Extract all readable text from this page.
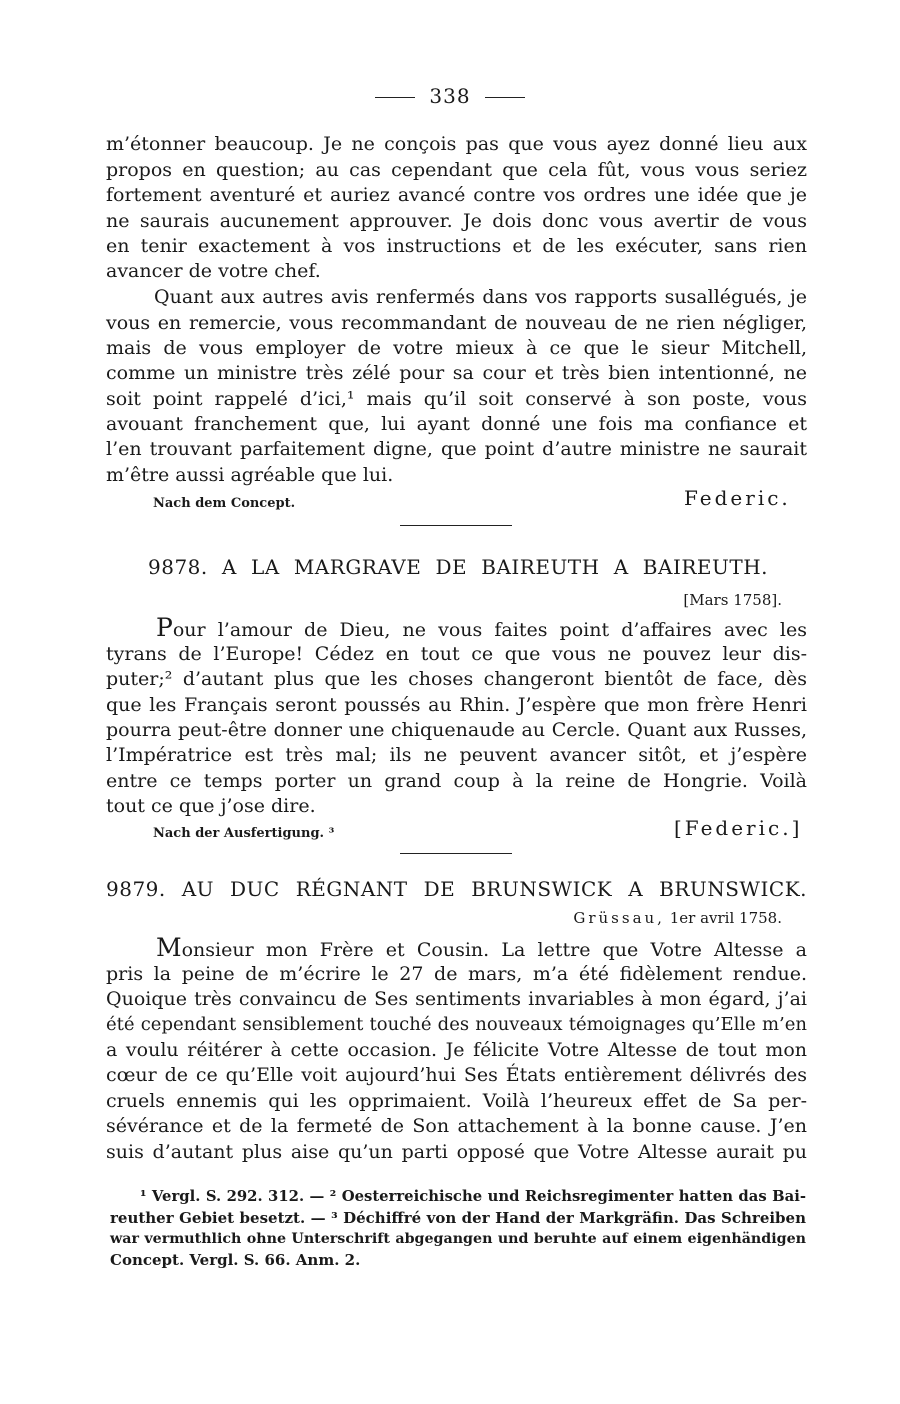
338
m’étonner beaucoup. Je ne conçois pas que vous ayez donné lieu aux
propos en question; au cas cependant que cela fût, vous vous seriez
fortement aventuré et auriez avancé contre vos ordres une idée que je
ne saurais aucunement approuver. Je dois donc vous avertir de vous
en tenir exactement à vos instructions et de les exécuter, sans rien
avancer de votre chef.
Quant aux autres avis renfermés dans vos rapports susallégués, je
vous en remercie, vous recommandant de nouveau de ne rien négliger,
mais de vous employer de votre mieux à ce que le sieur Mitchell,
comme un ministre très zélé pour sa cour et très bien intentionné, ne
soit point rappelé d’ici,¹ mais qu’il soit conservé à son poste, vous
avouant franchement que, lui ayant donné une fois ma confiance et
l’en trouvant parfaitement digne, que point d’autre ministre ne saurait
m’être aussi agréable que lui.
Nach dem Concept.	Federic.
9878. A LA MARGRAVE DE BAIREUTH A BAIREUTH.
[Mars 1758].
Pour l’amour de Dieu, ne vous faites point d’affaires avec les
tyrans de l’Europe! Cédez en tout ce que vous ne pouvez leur dis-
puter;² d’autant plus que les choses changeront bientôt de face, dès
que les Français seront poussés au Rhin. J’espère que mon frère Henri
pourra peut-être donner une chiquenaude au Cercle. Quant aux Russes,
l’Impératrice est très mal; ils ne peuvent avancer sitôt, et j’espère
entre ce temps porter un grand coup à la reine de Hongrie. Voilà
tout ce que j’ose dire.
Nach der Ausfertigung. ³	[Federic.]
9879. AU DUC RÉGNANT DE BRUNSWICK A BRUNSWICK.
Grüssau, 1er avril 1758.
Monsieur mon Frère et Cousin. La lettre que Votre Altesse a
pris la peine de m’écrire le 27 de mars, m’a été fidèlement rendue.
Quoique très convaincu de Ses sentiments invariables à mon égard, j’ai
été cependant sensiblement touché des nouveaux témoignages qu’Elle m’en
a voulu réitérer à cette occasion. Je félicite Votre Altesse de tout mon
cœur de ce qu’Elle voit aujourd’hui Ses États entièrement délivrés des
cruels ennemis qui les opprimaient. Voilà l’heureux effet de Sa per-
sévérance et de la fermeté de Son attachement à la bonne cause. J’en
suis d’autant plus aise qu’un parti opposé que Votre Altesse aurait pu
¹ Vergl. S. 292. 312. — ² Oesterreichische und Reichsregimenter hatten das Bai-
reuther Gebiet besetzt. — ³ Déchiffré von der Hand der Markgräfin. Das Schreiben
war vermuthlich ohne Unterschrift abgegangen und beruhte auf einem eigenhändigen
Concept. Vergl. S. 66. Anm. 2.
